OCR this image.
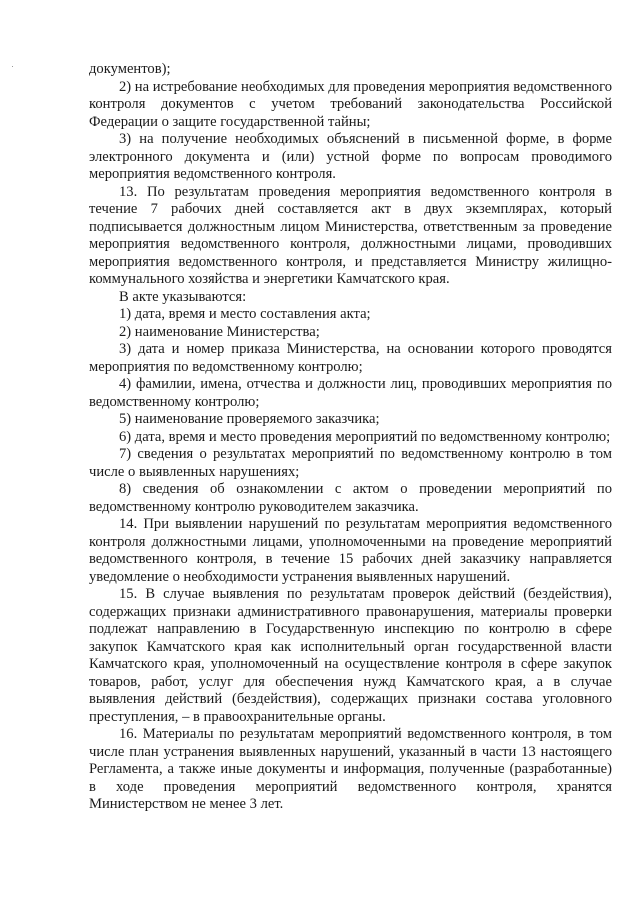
документов);

2) на истребование необходимых для проведения мероприятия ведомственного контроля документов с учетом требований законодательства Российской Федерации о защите государственной тайны;

3) на получение необходимых объяснений в письменной форме, в форме электронного документа и (или) устной форме по вопросам проводимого мероприятия ведомственного контроля.

13. По результатам проведения мероприятия ведомственного контроля в течение 7 рабочих дней составляется акт в двух экземплярах, который подписывается должностным лицом Министерства, ответственным за проведение мероприятия ведомственного контроля, должностными лицами, проводивших мероприятия ведомственного контроля, и представляется Министру жилищно-коммунального хозяйства и энергетики Камчатского края.

В акте указываются:

1) дата, время и место составления акта;

2) наименование Министерства;

3) дата и номер приказа Министерства, на основании которого проводятся мероприятия по ведомственному контролю;

4) фамилии, имена, отчества и должности лиц, проводивших мероприятия по ведомственному контролю;

5) наименование проверяемого заказчика;

6) дата, время и место проведения мероприятий по ведомственному контролю;

7) сведения о результатах мероприятий по ведомственному контролю в том числе о выявленных нарушениях;

8) сведения об ознакомлении с актом о проведении мероприятий по ведомственному контролю руководителем заказчика.

14. При выявлении нарушений по результатам мероприятия ведомственного контроля должностными лицами, уполномоченными на проведение мероприятий ведомственного контроля, в течение 15 рабочих дней заказчику направляется уведомление о необходимости устранения выявленных нарушений.

15. В случае выявления по результатам проверок действий (бездействия), содержащих признаки административного правонарушения, материалы проверки подлежат направлению в Государственную инспекцию по контролю в сфере закупок Камчатского края как исполнительный орган государственной власти Камчатского края, уполномоченный на осуществление контроля в сфере закупок товаров, работ, услуг для обеспечения нужд Камчатского края, а в случае выявления действий (бездействия), содержащих признаки состава уголовного преступления, – в правоохранительные органы.

16. Материалы по результатам мероприятий ведомственного контроля, в том числе план устранения выявленных нарушений, указанный в части 13 настоящего Регламента, а также иные документы и информация, полученные (разработанные) в ходе проведения мероприятий ведомственного контроля, хранятся Министерством не менее 3 лет.
